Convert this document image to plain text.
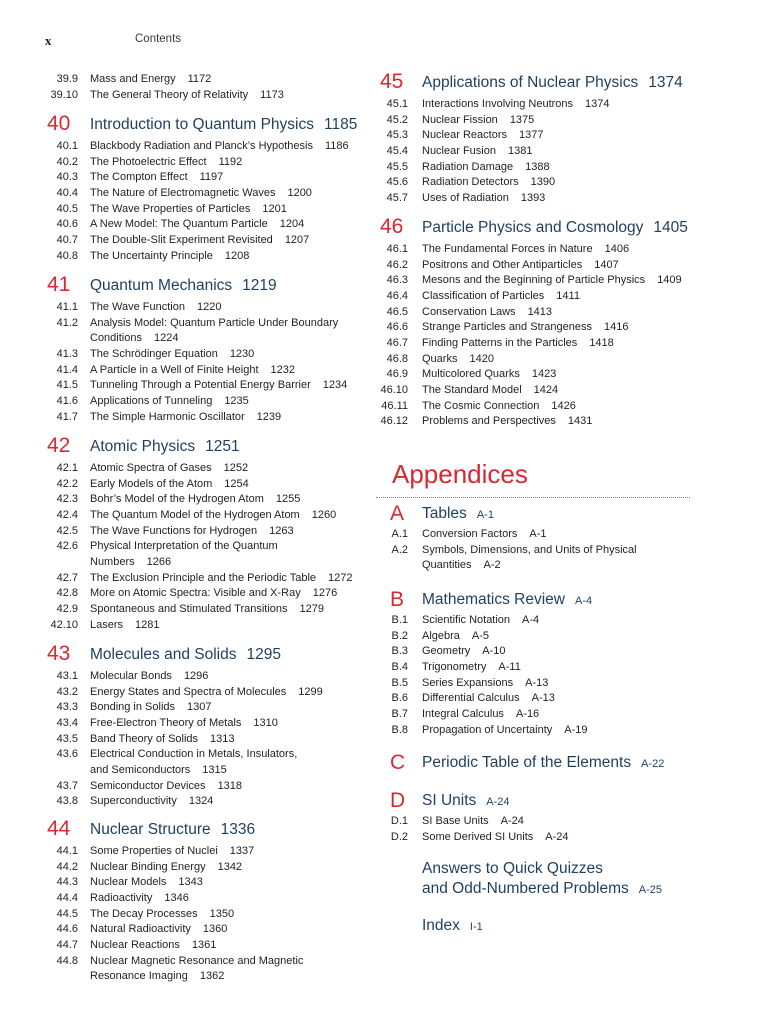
x	Contents
39.9 Mass and Energy 1172
39.10 The General Theory of Relativity 1173
40 Introduction to Quantum Physics 1185
40.1 Blackbody Radiation and Planck’s Hypothesis 1186
40.2 The Photoelectric Effect 1192
40.3 The Compton Effect 1197
40.4 The Nature of Electromagnetic Waves 1200
40.5 The Wave Properties of Particles 1201
40.6 A New Model: The Quantum Particle 1204
40.7 The Double-Slit Experiment Revisited 1207
40.8 The Uncertainty Principle 1208
41 Quantum Mechanics 1219
41.1 The Wave Function 1220
41.2 Analysis Model: Quantum Particle Under Boundary
Conditions 1224
41.3 The Schrödinger Equation 1230
41.4 A Particle in a Well of Finite Height 1232
41.5 Tunneling Through a Potential Energy Barrier 1234
41.6 Applications of Tunneling 1235
41.7 The Simple Harmonic Oscillator 1239
42 Atomic Physics 1251
42.1 Atomic Spectra of Gases 1252
42.2 Early Models of the Atom 1254
42.3 Bohr’s Model of the Hydrogen Atom 1255
42.4 The Quantum Model of the Hydrogen Atom 1260
42.5 The Wave Functions for Hydrogen 1263
42.6 Physical Interpretation of the Quantum
Numbers 1266
42.7 The Exclusion Principle and the Periodic Table 1272
42.8 More on Atomic Spectra: Visible and X-Ray 1276
42.9 Spontaneous and Stimulated Transitions 1279
42.10 Lasers 1281
43 Molecules and Solids 1295
43.1 Molecular Bonds 1296
43.2 Energy States and Spectra of Molecules 1299
43.3 Bonding in Solids 1307
43.4 Free-Electron Theory of Metals 1310
43.5 Band Theory of Solids 1313
43.6 Electrical Conduction in Metals, Insulators,
and Semiconductors 1315
43.7 Semiconductor Devices 1318
43.8 Superconductivity 1324
44 Nuclear Structure 1336
44.1 Some Properties of Nuclei 1337
44.2 Nuclear Binding Energy 1342
44.3 Nuclear Models 1343
44.4 Radioactivity 1346
44.5 The Decay Processes 1350
44.6 Natural Radioactivity 1360
44.7 Nuclear Reactions 1361
44.8 Nuclear Magnetic Resonance and Magnetic
Resonance Imaging 1362
45 Applications of Nuclear Physics 1374
45.1 Interactions Involving Neutrons 1374
45.2 Nuclear Fission 1375
45.3 Nuclear Reactors 1377
45.4 Nuclear Fusion 1381
45.5 Radiation Damage 1388
45.6 Radiation Detectors 1390
45.7 Uses of Radiation 1393
46 Particle Physics and Cosmology 1405
46.1 The Fundamental Forces in Nature 1406
46.2 Positrons and Other Antiparticles 1407
46.3 Mesons and the Beginning of Particle Physics 1409
46.4 Classification of Particles 1411
46.5 Conservation Laws 1413
46.6 Strange Particles and Strangeness 1416
46.7 Finding Patterns in the Particles 1418
46.8 Quarks 1420
46.9 Multicolored Quarks 1423
46.10 The Standard Model 1424
46.11 The Cosmic Connection 1426
46.12 Problems and Perspectives 1431
Appendices
A Tables A-1
A.1 Conversion Factors A-1
A.2 Symbols, Dimensions, and Units of Physical
Quantities A-2
B Mathematics Review A-4
B.1 Scientific Notation A-4
B.2 Algebra A-5
B.3 Geometry A-10
B.4 Trigonometry A-11
B.5 Series Expansions A-13
B.6 Differential Calculus A-13
B.7 Integral Calculus A-16
B.8 Propagation of Uncertainty A-19
C Periodic Table of the Elements A-22
D SI Units A-24
D.1 SI Base Units A-24
D.2 Some Derived SI Units A-24
Answers to Quick Quizzes
and Odd-Numbered Problems A-25
Index I-1
